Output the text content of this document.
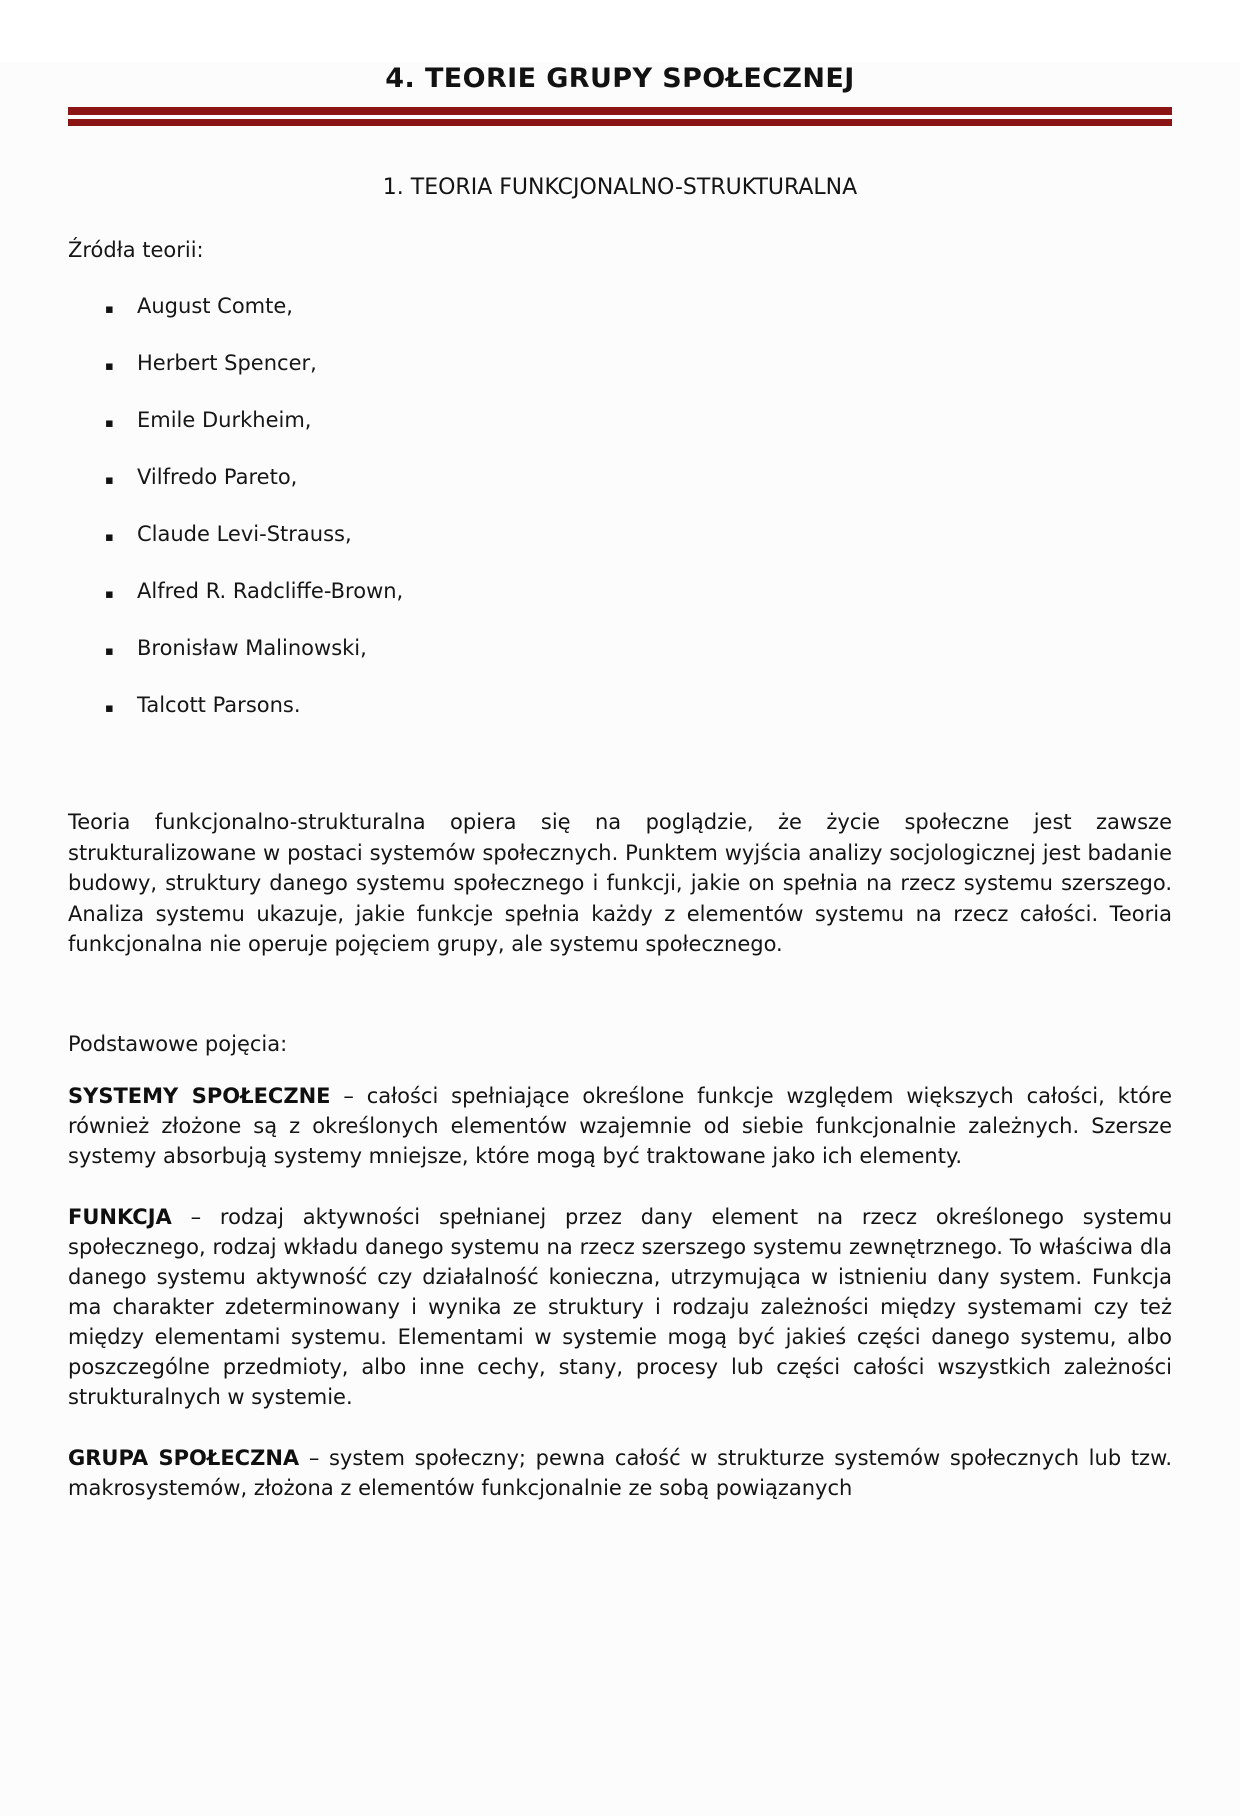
4. TEORIE GRUPY SPOŁECZNEJ
1. TEORIA FUNKCJONALNO-STRUKTURALNA

Źródła teorii:

▪	August Comte,
▪	Herbert Spencer,
▪	Emile Durkheim,
▪	Vilfredo Pareto,
▪	Claude Levi-Strauss,
▪	Alfred R. Radcliffe-Brown,
▪	Bronisław Malinowski,
▪	Talcott Parsons.

Teoria funkcjonalno-strukturalna opiera się na poglądzie, że życie społeczne jest zawsze strukturalizowane w postaci systemów społecznych. Punktem wyjścia analizy socjologicznej jest badanie budowy, struktury danego systemu społecznego i funkcji, jakie on spełnia na rzecz systemu szerszego. Analiza systemu ukazuje, jakie funkcje spełnia każdy z elementów systemu na rzecz całości. Teoria funkcjonalna nie operuje pojęciem grupy, ale systemu społecznego.

Podstawowe pojęcia:

SYSTEMY SPOŁECZNE – całości spełniające określone funkcje względem większych całości, które również złożone są z określonych elementów wzajemnie od siebie funkcjonalnie zależnych. Szersze systemy absorbują systemy mniejsze, które mogą być traktowane jako ich elementy.

FUNKCJA – rodzaj aktywności spełnianej przez dany element na rzecz określonego systemu społecznego, rodzaj wkładu danego systemu na rzecz szerszego systemu zewnętrznego. To właściwa dla danego systemu aktywność czy działalność konieczna, utrzymująca w istnieniu dany system. Funkcja ma charakter zdeterminowany i wynika ze struktury i rodzaju zależności między systemami czy też między elementami systemu. Elementami w systemie mogą być jakieś części danego systemu, albo poszczególne przedmioty, albo inne cechy, stany, procesy lub części całości wszystkich zależności strukturalnych w systemie.

GRUPA SPOŁECZNA – system społeczny; pewna całość w strukturze systemów społecznych lub tzw. makrosystemów, złożona z elementów funkcjonalnie ze sobą powiązanych
